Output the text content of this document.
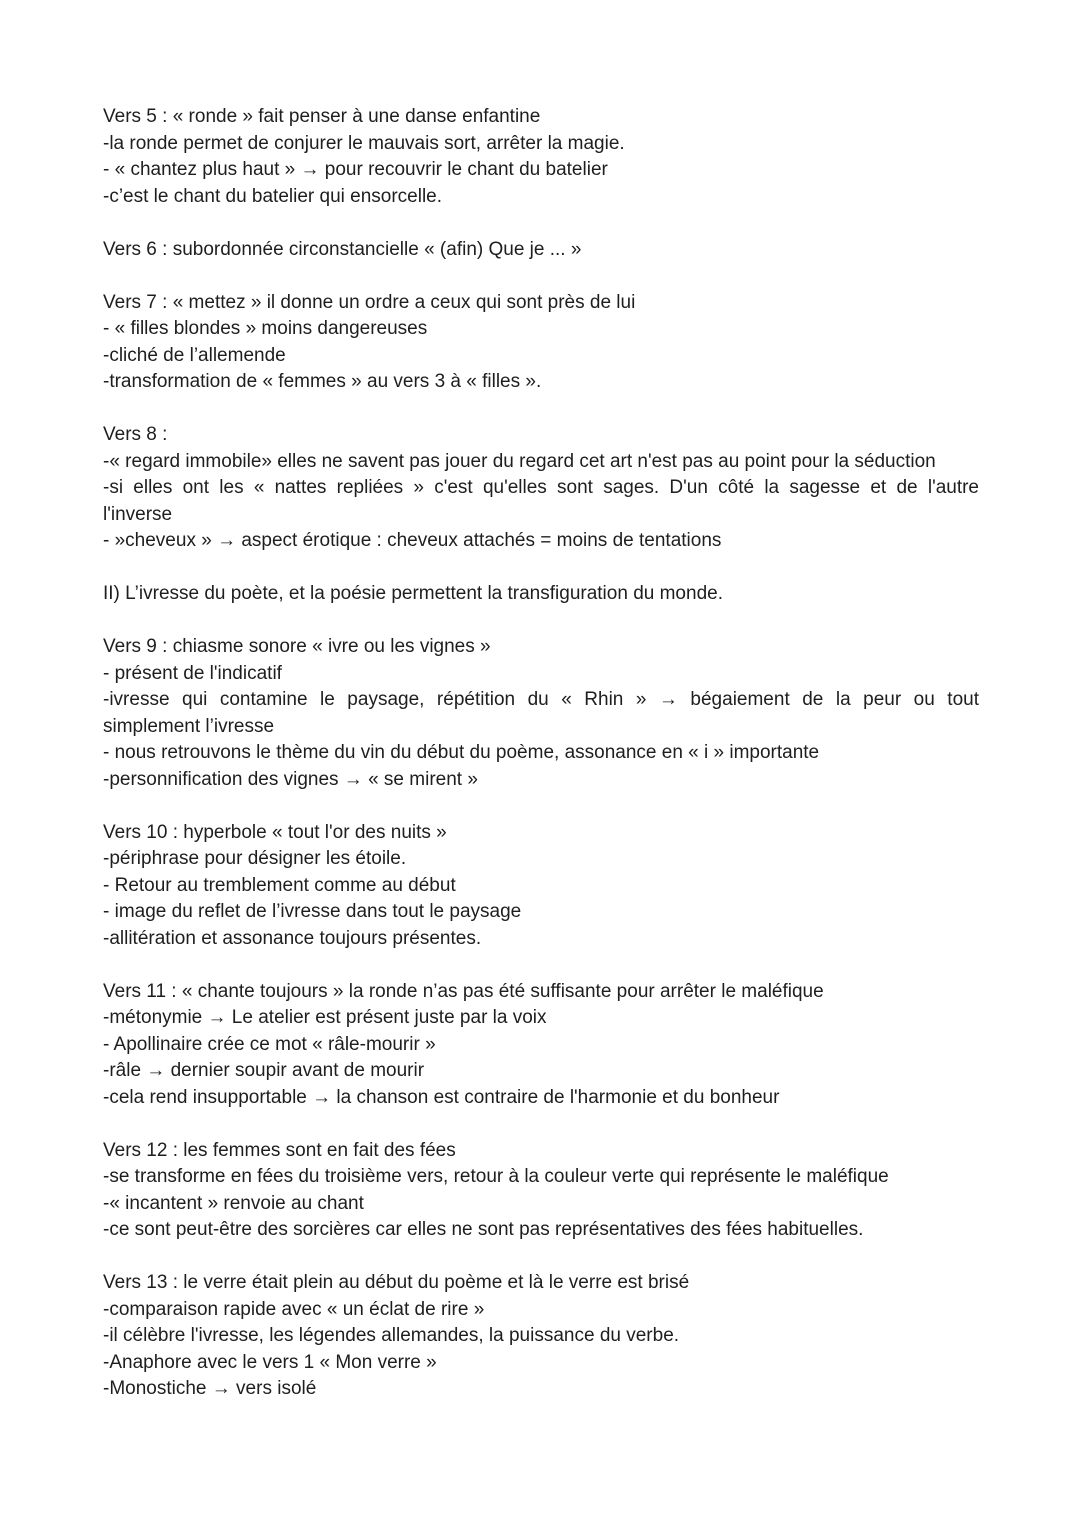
Vers 5 : « ronde » fait penser à une danse enfantine
-la ronde permet de conjurer le mauvais sort, arrêter la magie.
- « chantez plus haut » → pour recouvrir le chant du batelier
-c’est le chant du batelier qui ensorcelle.
Vers 6 : subordonnée circonstancielle « (afin) Que je ... »
Vers 7 : « mettez » il donne un ordre a ceux qui sont près de lui
- « filles blondes » moins dangereuses
-cliché de l’allemende
-transformation de « femmes » au vers 3 à « filles ».
Vers 8 :
-« regard immobile» elles ne savent pas jouer du regard cet art n'est pas au point pour la séduction
-si elles ont les « nattes repliées » c'est qu'elles sont sages. D'un côté la sagesse et de l'autre
l'inverse
- »cheveux » → aspect érotique : cheveux attachés = moins de tentations
II) L’ivresse du poète, et la poésie permettent la transfiguration du monde.
Vers 9 : chiasme sonore « ivre ou les vignes »
- présent de l'indicatif
-ivresse qui contamine le paysage, répétition du « Rhin » → bégaiement de la peur ou tout
simplement l’ivresse
- nous retrouvons le thème du vin du début du poème, assonance en « i » importante
-personnification des vignes → « se mirent »
Vers 10 : hyperbole « tout l'or des nuits »
-périphrase pour désigner les étoile.
- Retour au tremblement comme au début
- image du reflet de l’ivresse dans tout le paysage
-allitération et assonance toujours présentes.
Vers 11 : « chante toujours » la ronde n’as pas été suffisante pour arrêter le maléfique
-métonymie → Le atelier est présent juste par la voix
- Apollinaire crée ce mot « râle-mourir »
-râle → dernier soupir avant de mourir
-cela rend insupportable → la chanson est contraire de l'harmonie et du bonheur
Vers 12 : les femmes sont en fait des fées
-se transforme en fées du troisième vers, retour à la couleur verte qui représente le maléfique
-« incantent » renvoie au chant
-ce sont peut-être des sorcières car elles ne sont pas représentatives des fées habituelles.
Vers 13 : le verre était plein au début du poème et là le verre est brisé
-comparaison rapide avec « un éclat de rire »
-il célèbre l'ivresse, les légendes allemandes, la puissance du verbe.
-Anaphore avec le vers 1 « Mon verre »
-Monostiche → vers isolé
